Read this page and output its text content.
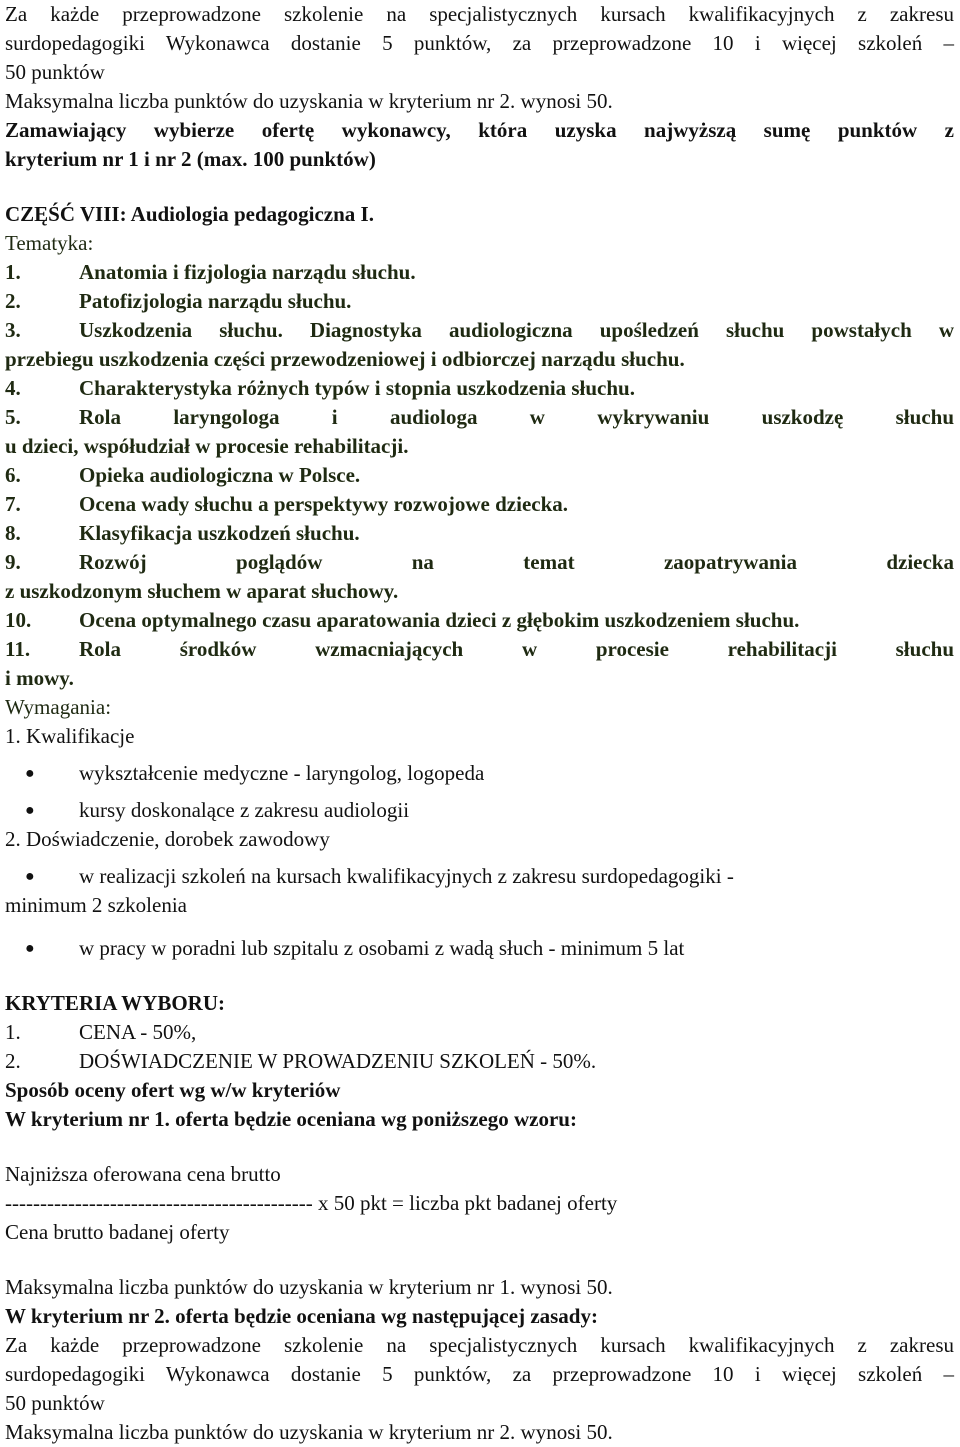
Za każde przeprowadzone szkolenie na specjalistycznych kursach kwalifikacyjnych z zakresu

surdopedagogiki Wykonawca dostanie 5 punktów, za przeprowadzone 10 i więcej szkoleń –

50 punktów

Maksymalna liczba punktów do uzyskania w kryterium nr 2. wynosi 50.

Zamawiający wybierze ofertę wykonawcy, która uzyska najwyższą sumę punktów z

kryterium nr 1 i nr 2 (max. 100 punktów)

CZĘŚĆ VIII: Audiologia pedagogiczna I.

Tematyka:

1.	Anatomia i fizjologia narządu słuchu.
2.	Patofizjologia narządu słuchu.
3.	Uszkodzenia słuchu. Diagnostyka audiologiczna upośledzeń słuchu powstałych w

przebiegu uszkodzenia części przewodzeniowej i odbiorczej narządu słuchu.

4.	Charakterystyka różnych typów i stopnia uszkodzenia słuchu.
5.	Rola laryngologa i audiologa w wykrywaniu uszkodzę słuchu

u dzieci, współudział w procesie rehabilitacji.

6.	Opieka audiologiczna w Polsce.
7.	Ocena wady słuchu a perspektywy rozwojowe dziecka.
8.	Klasyfikacja uszkodzeń słuchu.
9.	Rozwój poglądów na temat zaopatrywania dziecka

z uszkodzonym słuchem w aparat słuchowy.

10.	Ocena optymalnego czasu aparatowania dzieci z głębokim uszkodzeniem słuchu.
11.	Rola środków wzmacniających w procesie rehabilitacji słuchu

i mowy.

Wymagania:

1. Kwalifikacje

●	wykształcenie medyczne - laryngolog, logopeda
●	kursy doskonalące z zakresu audiologii

2. Doświadczenie, dorobek zawodowy

●	w realizacji szkoleń na kursach kwalifikacyjnych z zakresu surdopedagogiki -

minimum 2 szkolenia

●	w pracy w poradni lub szpitalu z osobami z wadą słuch - minimum 5 lat

KRYTERIA WYBORU:

1.	CENA - 50%,
2.	DOŚWIADCZENIE W PROWADZENIU SZKOLEŃ - 50%.

Sposób oceny ofert wg w/w kryteriów

W kryterium nr 1. oferta będzie oceniana wg poniższego wzoru:

Najniższa oferowana cena brutto

-------------------------------------------- x 50 pkt = liczba pkt badanej oferty

Cena brutto badanej oferty

Maksymalna liczba punktów do uzyskania w kryterium nr 1. wynosi 50.

W kryterium nr 2. oferta będzie oceniana wg następującej zasady:

Za każde przeprowadzone szkolenie na specjalistycznych kursach kwalifikacyjnych z zakresu

surdopedagogiki Wykonawca dostanie 5 punktów, za przeprowadzone 10 i więcej szkoleń –

50 punktów

Maksymalna liczba punktów do uzyskania w kryterium nr 2. wynosi 50.
